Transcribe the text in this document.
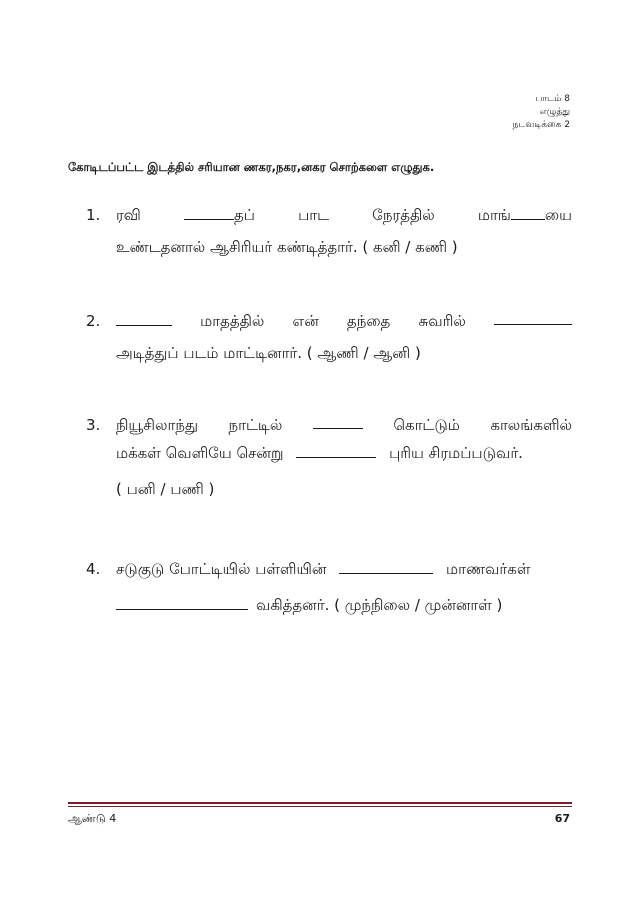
பாடம் 8
எழுத்து
நடவடிக்கை 2
கோடிடப்பட்ட இடத்தில் சரியான ணகர,நகர,னகர சொற்களை எழுதுக.
1. ரவி	தப்	பாட	நேரத்தில்	மாங் யை
உண்டதனால் ஆசிரியர் கண்டித்தார். ( கனி / கணி )
2.	மாதத்தில் என் தந்தை சுவரில்
அடித்துப் படம் மாட்டினார். ( ஆணி / ஆனி )
3. நியூசிலாந்து நாட்டில்	கொட்டும் காலங்களில்
மக்கள் வெளியே சென்று	புரிய சிரமப்படுவர்.
( பனி / பணி )
4. சடுகுடு போட்டியில் பள்ளியின்	மாணவர்கள்
வகித்தனர். ( முந்நிலை / முன்னாள் )
ஆண்டு 4	67
